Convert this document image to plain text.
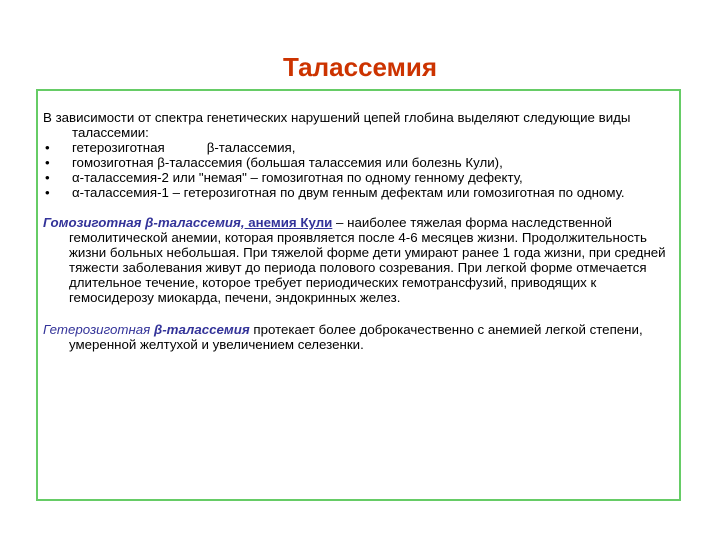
Талассемия
В зависимости от спектра генетических нарушений цепей глобина выделяют следующие виды талассемии:
• гетерозиготная	β-талассемия,
• гомозиготная β-талассемия (большая талассемия или болезнь Кули),
• α-талассемия-2 или "немая" – гомозиготная по одному генному дефекту,
• α-талассемия-1 – гетерозиготная по двум генным дефектам или гомозиготная по одному.
Гомозиготная β-талассемия, анемия Кули – наиболее тяжелая форма наследственной гемолитической анемии, которая проявляется после 4-6 месяцев жизни. Продолжительность жизни больных небольшая. При тяжелой форме дети умирают ранее 1 года жизни, при средней тяжести заболевания живут до периода полового созревания. При легкой форме отмечается длительное течение, которое требует периодических гемотрансфузий, приводящих к гемосидерозу миокарда, печени, эндокринных желез.
Гетерозиготная β-талассемия протекает более доброкачественно с анемией легкой степени, умеренной желтухой и увеличением селезенки.
